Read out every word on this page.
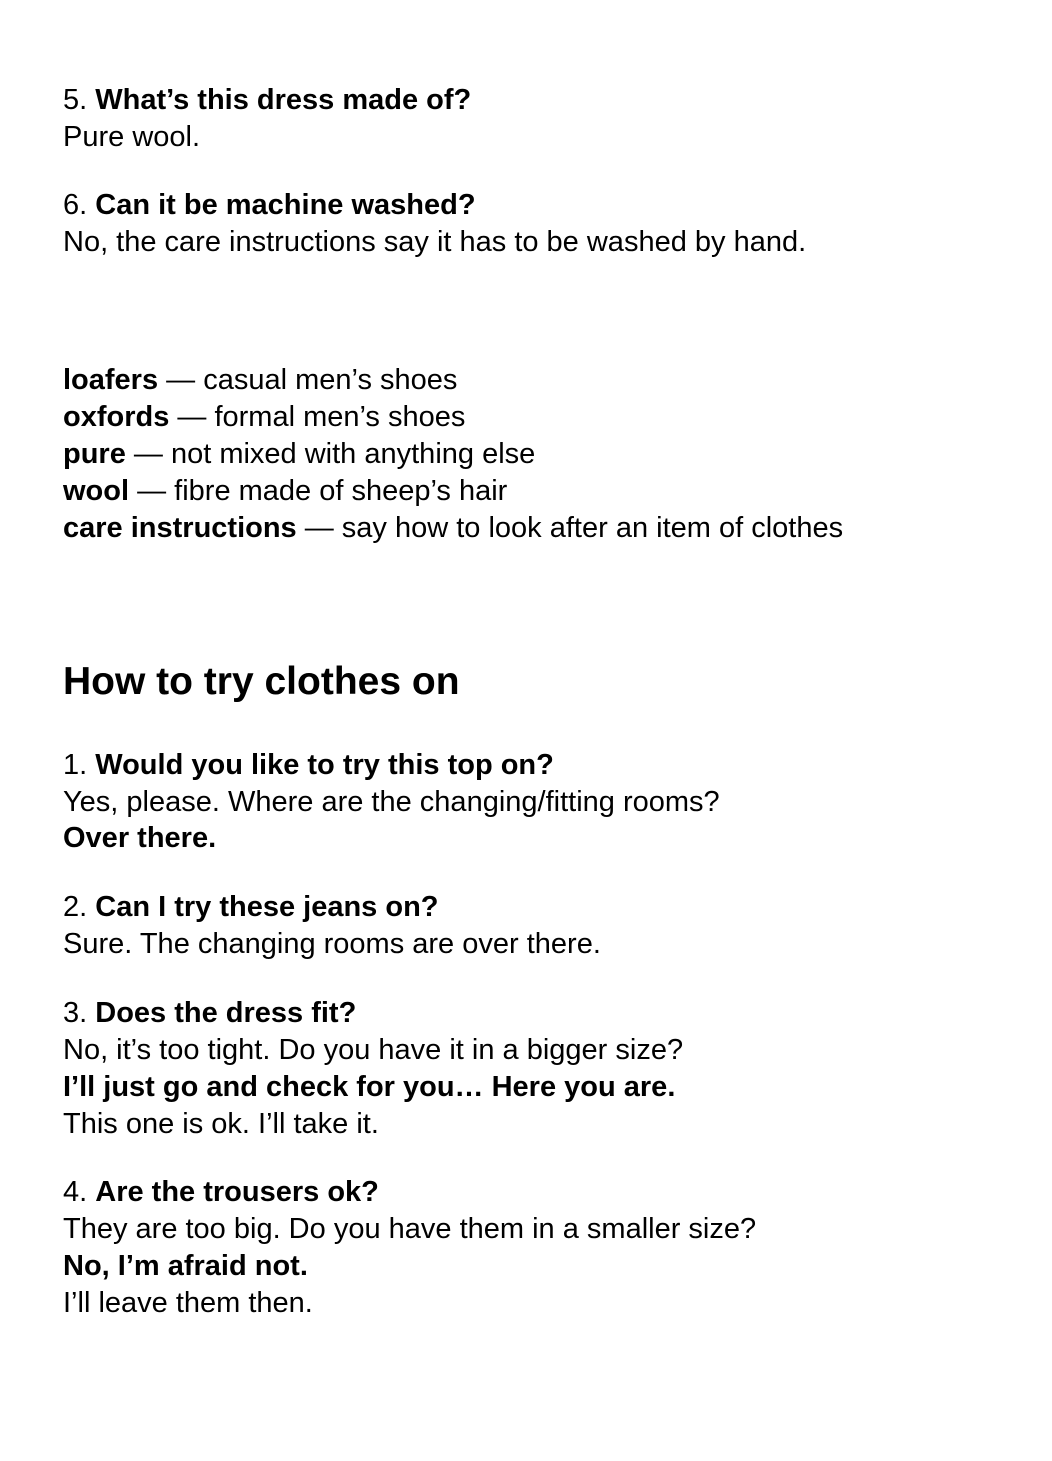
5. What’s this dress made of?
Pure wool.
6. Can it be machine washed?
No, the care instructions say it has to be washed by hand.
loafers — casual men’s shoes
oxfords — formal men’s shoes
pure — not mixed with anything else
wool — fibre made of sheep’s hair
care instructions — say how to look after an item of clothes
How to try clothes on
1. Would you like to try this top on?
Yes, please. Where are the changing/fitting rooms?
Over there.
2. Can I try these jeans on?
Sure. The changing rooms are over there.
3. Does the dress fit?
No, it’s too tight. Do you have it in a bigger size?
I’ll just go and check for you… Here you are.
This one is ok. I’ll take it.
4. Are the trousers ok?
They are too big. Do you have them in a smaller size?
No, I’m afraid not.
I’ll leave them then.
